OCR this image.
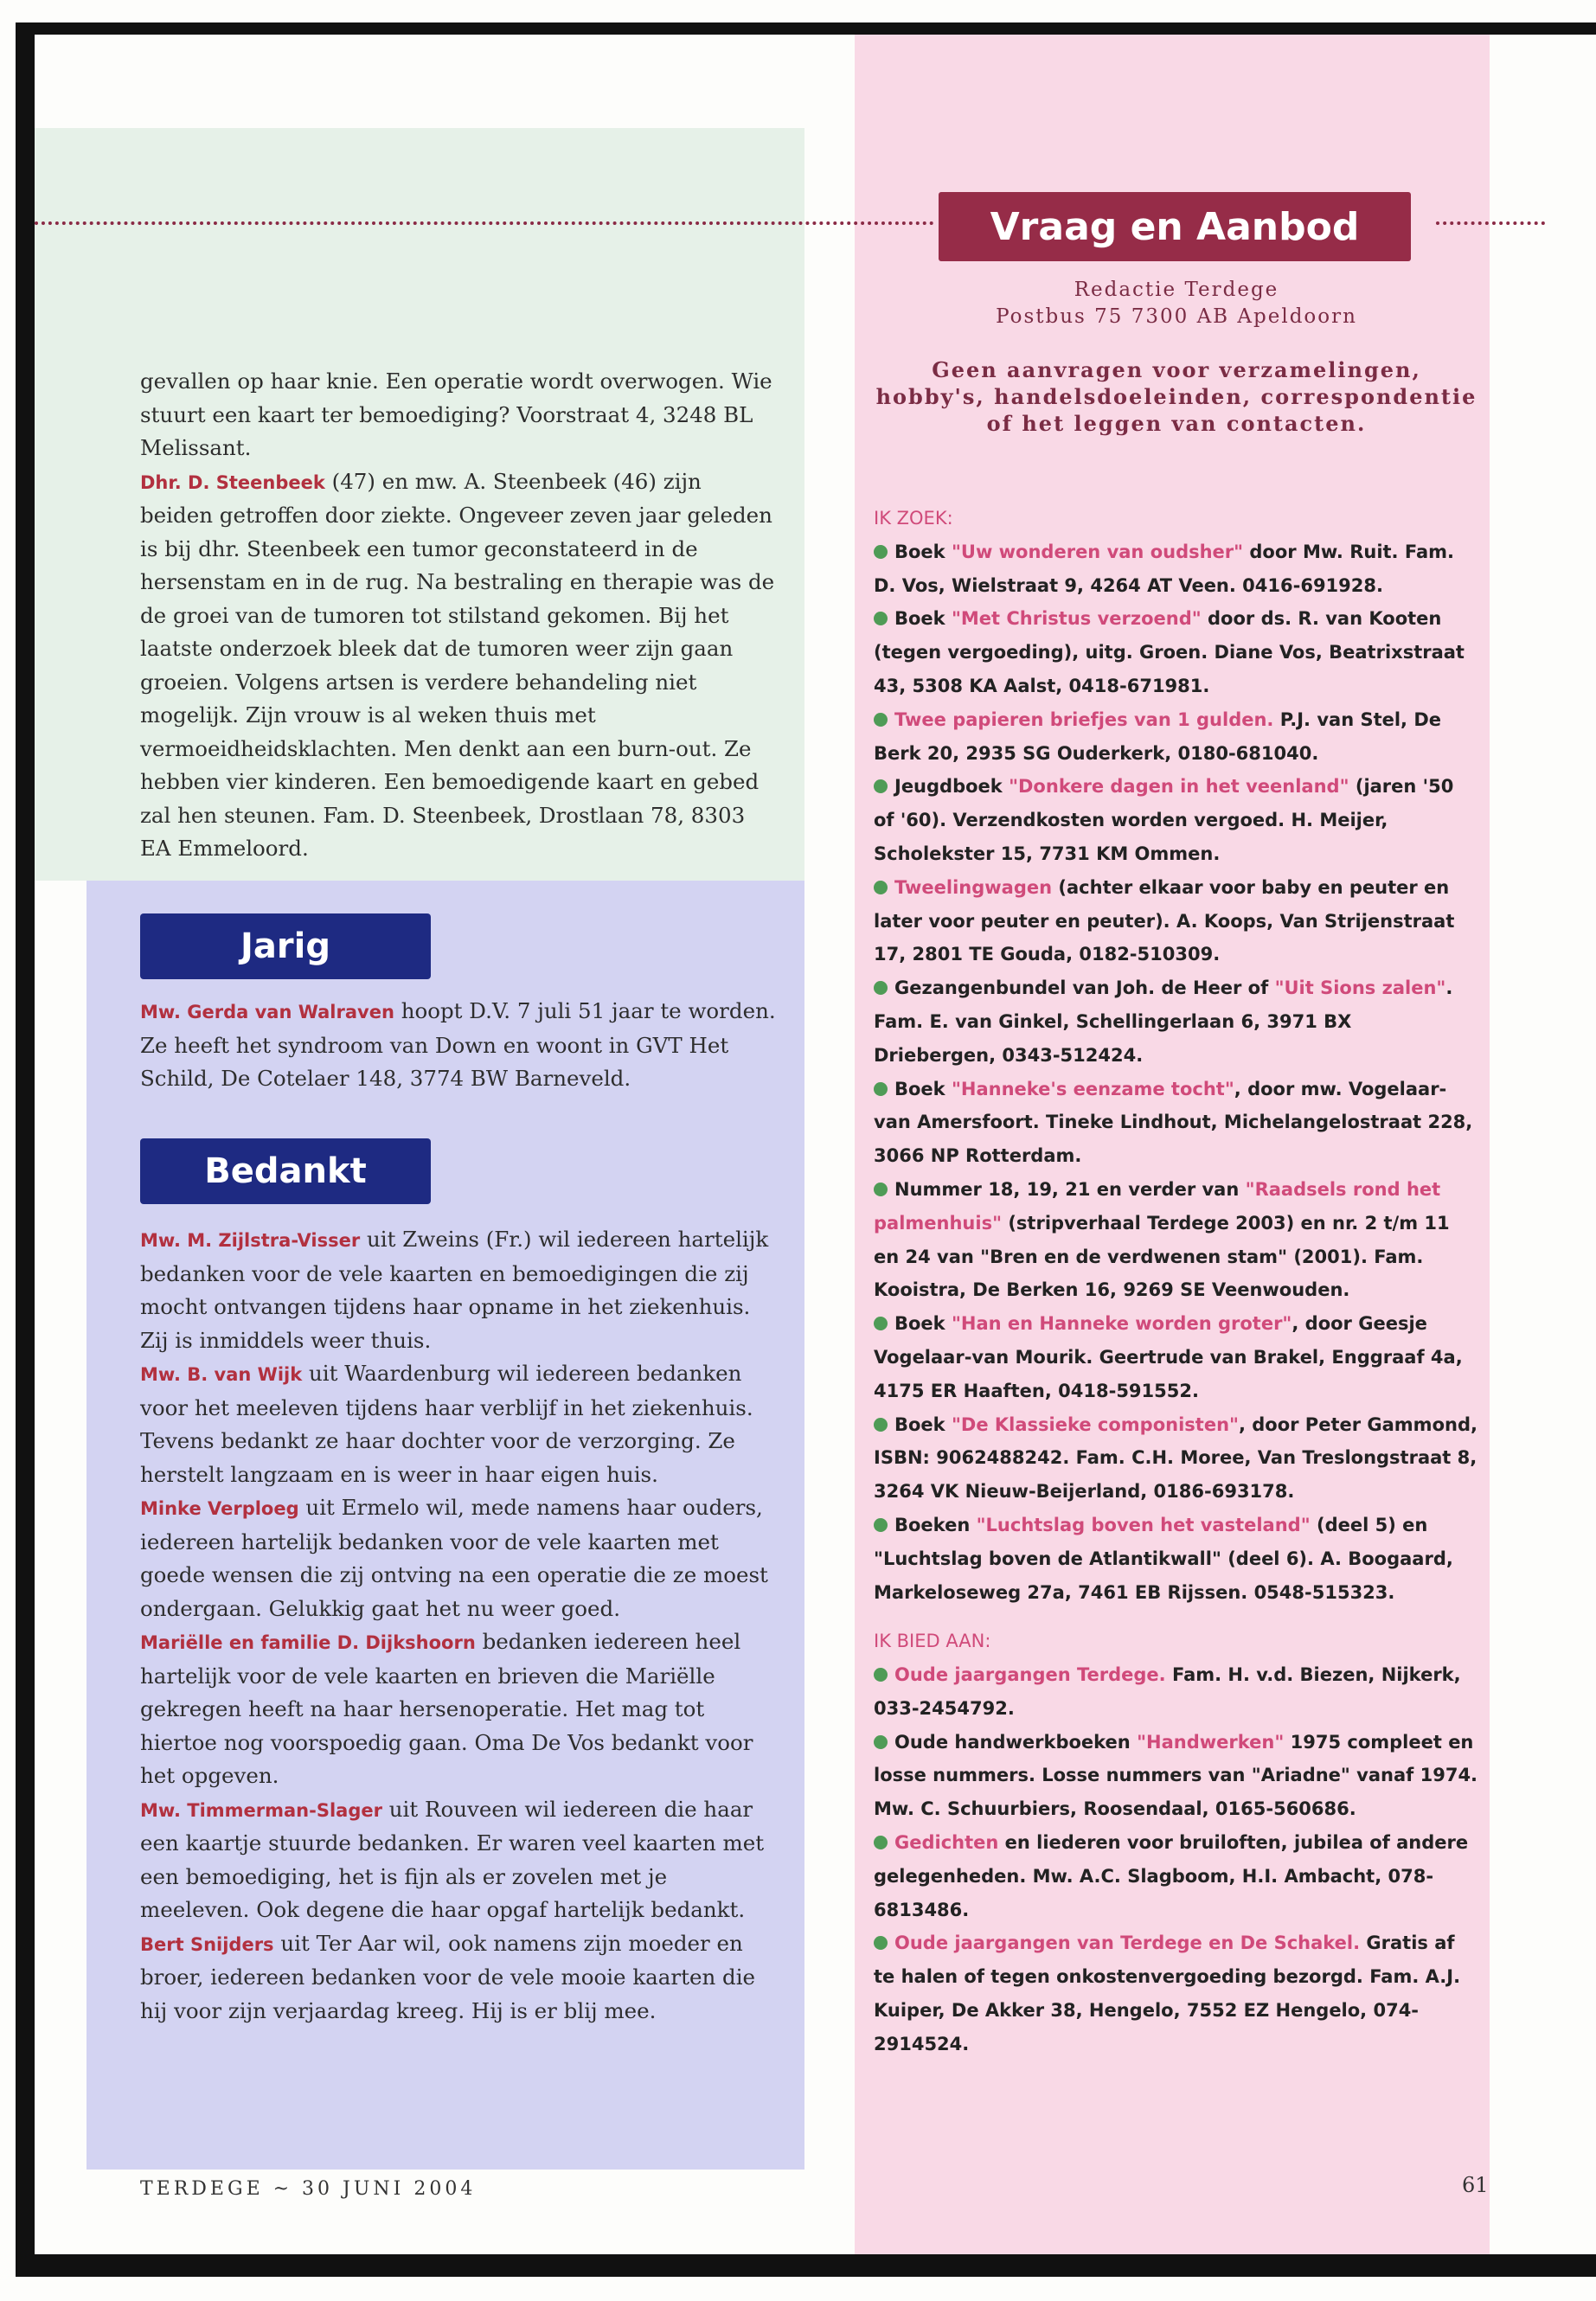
Vraag en Aanbod
Redactie Terdege
Postbus 75 7300 AB Apeldoorn
Geen aanvragen voor verzamelingen, hobby's, handelsdoeleinden, correspondentie of het leggen van contacten.
gevallen op haar knie. Een operatie wordt overwogen. Wie stuurt een kaart ter bemoediging? Voorstraat 4, 3248 BL Melissant.
Dhr. D. Steenbeek (47) en mw. A. Steenbeek (46) zijn beiden getroffen door ziekte. Ongeveer zeven jaar geleden is bij dhr. Steenbeek een tumor geconstateerd in de hersenstam en in de rug. Na bestraling en therapie was de de groei van de tumoren tot stilstand gekomen. Bij het laatste onderzoek bleek dat de tumoren weer zijn gaan groeien. Volgens artsen is verdere behandeling niet mogelijk. Zijn vrouw is al weken thuis met vermoeidheidsklachten. Men denkt aan een burn-out. Ze hebben vier kinderen. Een bemoedigende kaart en gebed zal hen steunen. Fam. D. Steenbeek, Drostlaan 78, 8303 EA Emmeloord.
Jarig
Mw. Gerda van Walraven hoopt D.V. 7 juli 51 jaar te worden. Ze heeft het syndroom van Down en woont in GVT Het Schild, De Cotelaer 148, 3774 BW Barneveld.
Bedankt
Mw. M. Zijlstra-Visser uit Zweins (Fr.) wil iedereen hartelijk bedanken voor de vele kaarten en bemoedigingen die zij mocht ontvangen tijdens haar opname in het ziekenhuis. Zij is inmiddels weer thuis.
Mw. B. van Wijk uit Waardenburg wil iedereen bedanken voor het meeleven tijdens haar verblijf in het ziekenhuis. Tevens bedankt ze haar dochter voor de verzorging. Ze herstelt langzaam en is weer in haar eigen huis.
Minke Verploeg uit Ermelo wil, mede namens haar ouders, iedereen hartelijk bedanken voor de vele kaarten met goede wensen die zij ontving na een operatie die ze moest ondergaan. Gelukkig gaat het nu weer goed.
Mariëlle en familie D. Dijkshoorn bedanken iedereen heel hartelijk voor de vele kaarten en brieven die Mariëlle gekregen heeft na haar hersenoperatie. Het mag tot hiertoe nog voorspoedig gaan. Oma De Vos bedankt voor het opgeven.
Mw. Timmerman-Slager uit Rouveen wil iedereen die haar een kaartje stuurde bedanken. Er waren veel kaarten met een bemoediging, het is fijn als er zovelen met je meeleven. Ook degene die haar opgaf hartelijk bedankt.
Bert Snijders uit Ter Aar wil, ook namens zijn moeder en broer, iedereen bedanken voor de vele mooie kaarten die hij voor zijn verjaardag kreeg. Hij is er blij mee.

IK ZOEK:

Boek "Uw wonderen van oudsher" door Mw. Ruit. Fam. D. Vos, Wielstraat 9, 4264 AT Veen. 0416-691928.

Boek "Met Christus verzoend" door ds. R. van Kooten (tegen vergoeding), uitg. Groen. Diane Vos, Beatrixstraat 43, 5308 KA Aalst, 0418-671981.

Twee papieren briefjes van 1 gulden. P.J. van Stel, De Berk 20, 2935 SG Ouderkerk, 0180-681040.

Jeugdboek "Donkere dagen in het veenland" (jaren '50 of '60). Verzendkosten worden vergoed. H. Meijer, Scholekster 15, 7731 KM Ommen.

Tweelingwagen (achter elkaar voor baby en peuter en later voor peuter en peuter). A. Koops, Van Strijenstraat 17, 2801 TE Gouda, 0182-510309.

Gezangenbundel van Joh. de Heer of "Uit Sions zalen". Fam. E. van Ginkel, Schellingerlaan 6, 3971 BX Driebergen, 0343-512424.

Boek "Hanneke's eenzame tocht", door mw. Vogelaar-van Amersfoort. Tineke Lindhout, Michelangelostraat 228, 3066 NP Rotterdam.

Nummer 18, 19, 21 en verder van "Raadsels rond het palmenhuis" (stripverhaal Terdege 2003) en nr. 2 t/m 11 en 24 van "Bren en de verdwenen stam" (2001). Fam. Kooistra, De Berken 16, 9269 SE Veenwouden.

Boek "Han en Hanneke worden groter", door Geesje Vogelaar-van Mourik. Geertrude van Brakel, Enggraaf 4a, 4175 ER Haaften, 0418-591552.

Boek "De Klassieke componisten", door Peter Gammond, ISBN: 9062488242. Fam. C.H. Moree, Van Treslongstraat 8, 3264 VK Nieuw-Beijerland, 0186-693178.

Boeken "Luchtslag boven het vasteland" (deel 5) en "Luchtslag boven de Atlantikwall" (deel 6). A. Boogaard, Markeloseweg 27a, 7461 EB Rijssen. 0548-515323.

IK BIED AAN:

Oude jaargangen Terdege. Fam. H. v.d. Biezen, Nijkerk, 033-2454792.

Oude handwerkboeken "Handwerken" 1975 compleet en losse nummers. Losse nummers van "Ariadne" vanaf 1974. Mw. C. Schuurbiers, Roosendaal, 0165-560686.

Gedichten en liederen voor bruiloften, jubilea of andere gelegenheden. Mw. A.C. Slagboom, H.I. Ambacht, 078-6813486.

Oude jaargangen van Terdege en De Schakel. Gratis af te halen of tegen onkostenvergoeding bezorgd. Fam. A.J. Kuiper, De Akker 38, Hengelo, 7552 EZ Hengelo, 074-2914524.

TERDEGE ~ 30 JUNI 2004	61
